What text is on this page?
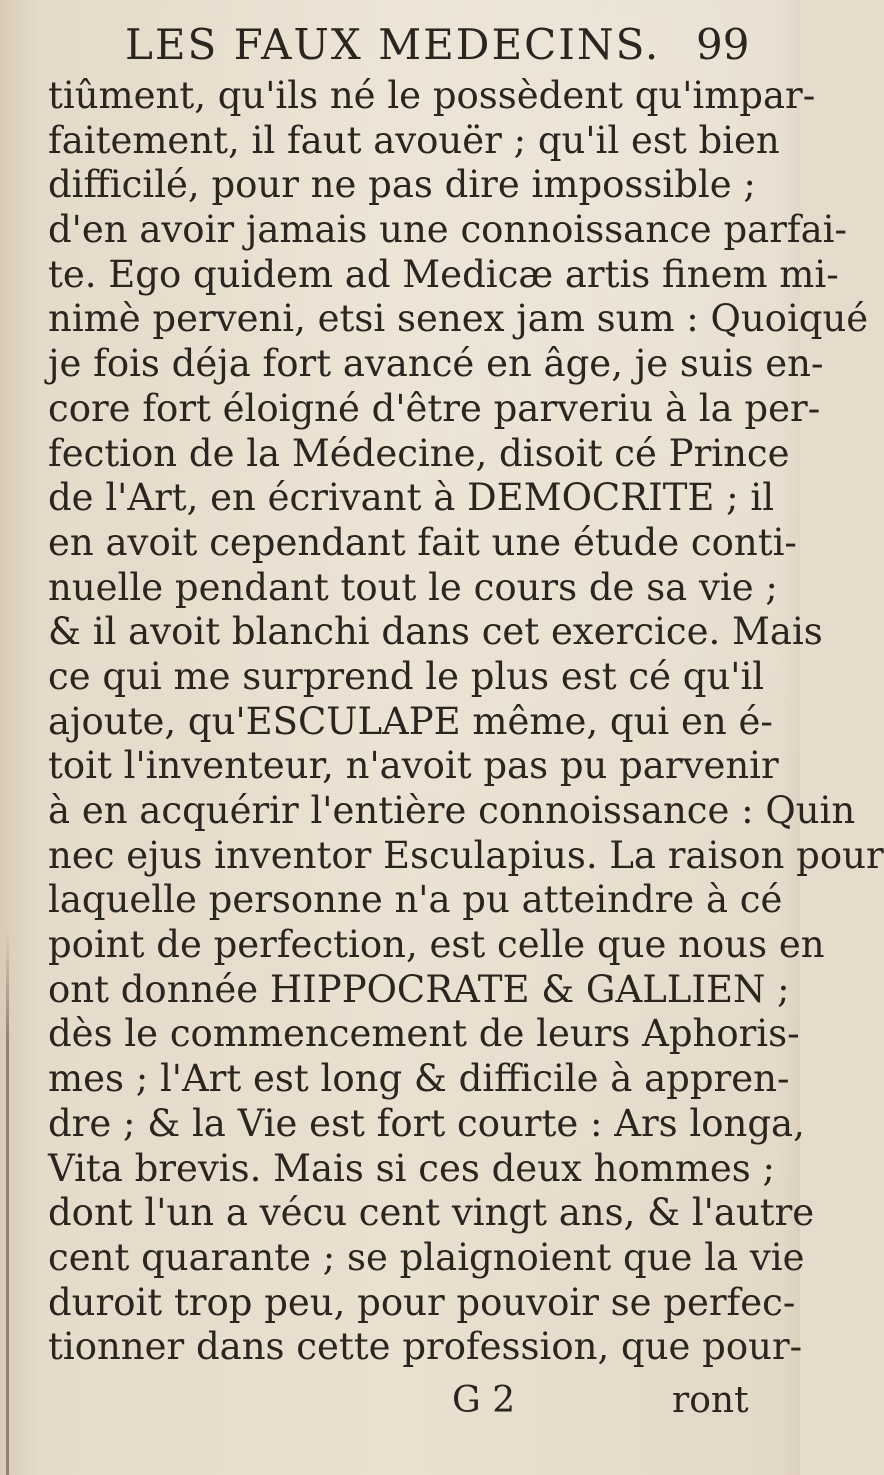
LES FAUX MEDECINS. 99
tiûment, qu'ils né le possèdent qu'impar-
faitement, il faut avouër ; qu'il est bien
difficilé, pour ne pas dire impossible ;
d'en avoir jamais une connoissance parfai-
te. Ego quidem ad Medicæ artis finem mi-
nimè perveni, etsi senex jam sum : Quoiqué
je fois déja fort avancé en âge, je suis en-
core fort éloigné d'être parveriu à la per-
fection de la Médecine, disoit cé Prince
de l'Art, en écrivant à DEMOCRITE ; il
en avoit cependant fait une étude conti-
nuelle pendant tout le cours de sa vie ;
& il avoit blanchi dans cet exercice. Mais
ce qui me surprend le plus est cé qu'il
ajoute, qu'ESCULAPE même, qui en é-
toit l'inventeur, n'avoit pas pu parvenir
à en acquérir l'entière connoissance : Quin
nec ejus inventor Esculapius. La raison pour
laquelle personne n'a pu atteindre à cé
point de perfection, est celle que nous en
ont donnée HIPPOCRATE & GALLIEN ;
dès le commencement de leurs Aphoris-
mes ; l'Art est long & difficile à appren-
dre ; & la Vie est fort courte : Ars longa,
Vita brevis. Mais si ces deux hommes ;
dont l'un a vécu cent vingt ans, & l'autre
cent quarante ; se plaignoient que la vie
duroit trop peu, pour pouvoir se perfec-
tionner dans cette profession, que pour-
G 2	ront
